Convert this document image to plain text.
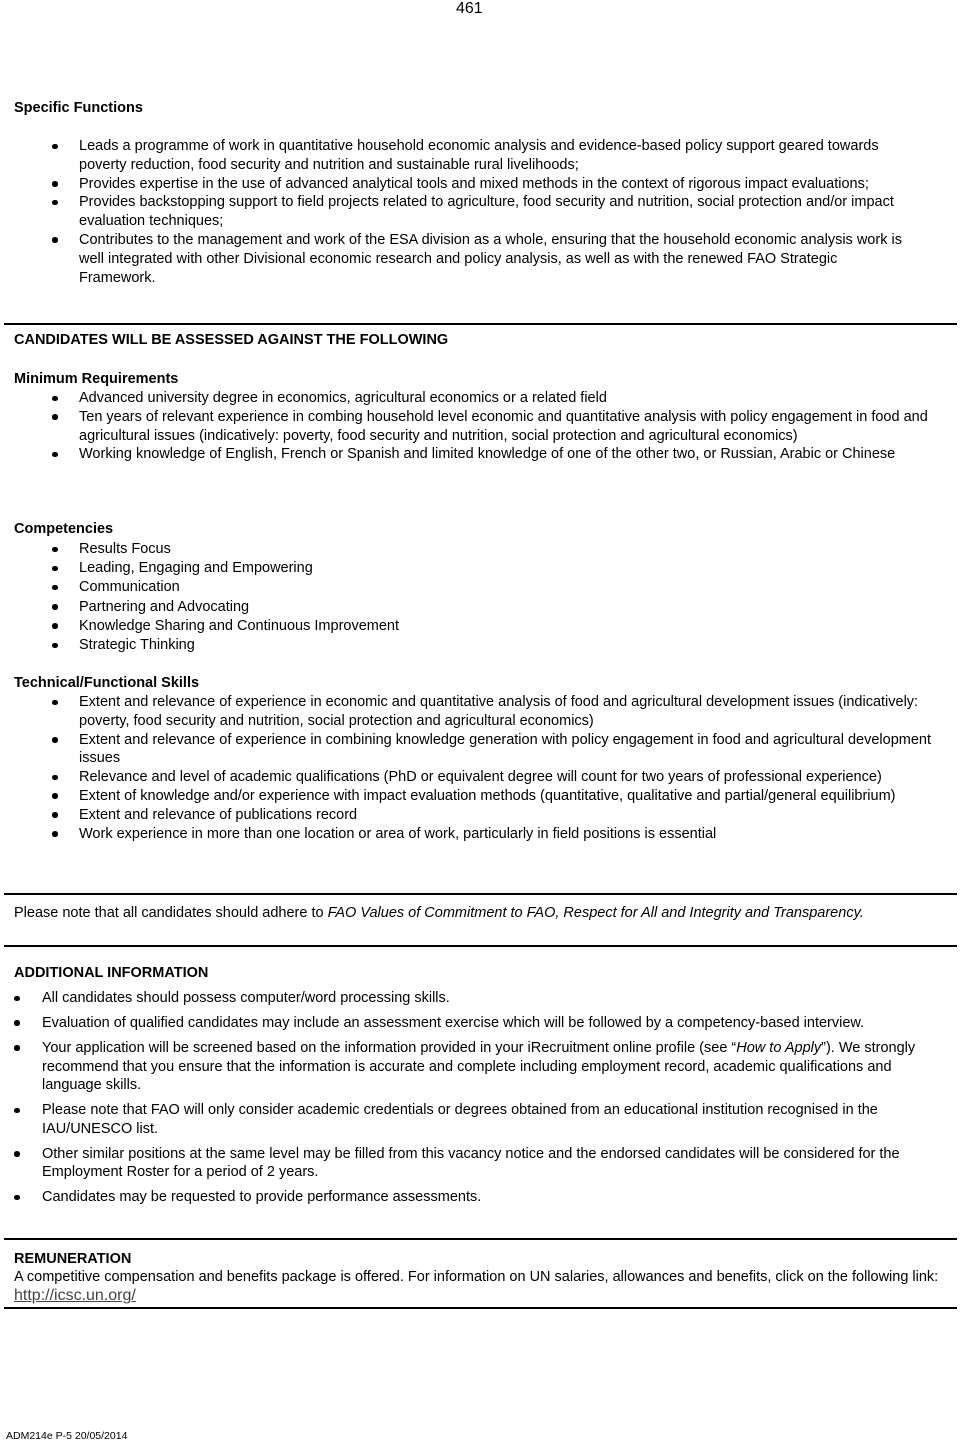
461
Specific Functions
Leads a programme of work in quantitative household economic analysis and evidence-based policy support geared towards poverty reduction, food security and nutrition and sustainable rural livelihoods;
Provides expertise in the use of advanced analytical tools and mixed methods in the context of rigorous impact evaluations;
Provides backstopping support to field projects related to agriculture, food security and nutrition, social protection and/or impact evaluation techniques;
Contributes to the management and work of the ESA division as a whole, ensuring that the household economic analysis work is well integrated with other Divisional economic research and policy analysis, as well as with the renewed FAO Strategic Framework.
CANDIDATES WILL BE ASSESSED AGAINST THE FOLLOWING
Minimum Requirements
Advanced university degree in economics, agricultural economics or a related field
Ten years of relevant experience in combing household level economic and quantitative analysis with policy engagement in food and agricultural issues (indicatively: poverty, food security and nutrition, social protection and agricultural economics)
Working knowledge of English, French or Spanish and limited knowledge of one of the other two, or Russian, Arabic or Chinese
Competencies
Results Focus
Leading, Engaging and Empowering
Communication
Partnering and Advocating
Knowledge Sharing and Continuous Improvement
Strategic Thinking
Technical/Functional Skills
Extent and relevance of experience in economic and quantitative analysis of food and agricultural development issues (indicatively: poverty, food security and nutrition, social protection and agricultural economics)
Extent and relevance of experience in combining knowledge generation with policy engagement in food and agricultural development issues
Relevance and level of academic qualifications (PhD or equivalent degree will count for two years of professional experience)
Extent of knowledge and/or experience with impact evaluation methods (quantitative, qualitative and partial/general equilibrium)
Extent and relevance of publications record
Work experience in more than one location or area of work, particularly in field positions is essential

Please note that all candidates should adhere to FAO Values of Commitment to FAO, Respect for All and Integrity and Transparency.

ADDITIONAL INFORMATION
All candidates should possess computer/word processing skills.
Evaluation of qualified candidates may include an assessment exercise which will be followed by a competency-based interview.
Your application will be screened based on the information provided in your iRecruitment online profile (see “How to Apply”). We strongly recommend that you ensure that the information is accurate and complete including employment record, academic qualifications and language skills.
Please note that FAO will only consider academic credentials or degrees obtained from an educational institution recognised in the IAU/UNESCO list.
Other similar positions at the same level may be filled from this vacancy notice and the endorsed candidates will be considered for the Employment Roster for a period of 2 years.
Candidates may be requested to provide performance assessments.
REMUNERATION

A competitive compensation and benefits package is offered. For information on UN salaries, allowances and benefits, click on the following link: http://icsc.un.org/

ADM214e P-5 20/05/2014
